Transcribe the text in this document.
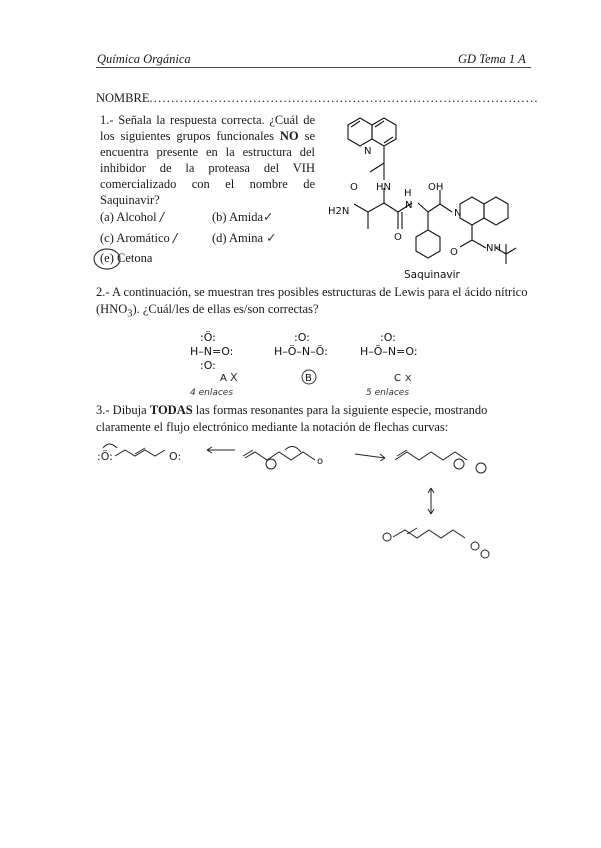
Química Orgánica	GD Tema 1 A
NOMBRE..........................................................................................
1.- Señala la respuesta correcta. ¿Cuál de los siguientes grupos funcionales NO se encuentra presente en la estructura del inhibidor de la proteasa del VIH comercializado con el nombre de Saquinavir?
(a) Alcohol /	(b) Amida✓
(c) Aromático /	(d) Amina ✓
(e) Cetona
N
O HN
H
OH
H2N
O
N
N
O	NH
Saquinavir
2.- A continuación, se muestran tres posibles estructuras de Lewis para el ácido nítrico $(HNO_3)$. ¿Cuál/les de ellas es/son correctas?
:Ö:
H–N=O:
:O:
:O:
H–Ö–N–Ö:
:O:
H–Ö–N=O:
A X	B	C x
4 enlaces	5 enlaces
3.- Dibuja TODAS las formas resonantes para la siguiente especie, mostrando claramente el flujo electrónico mediante la notación de flechas curvas:
:Ö:	O:	o
